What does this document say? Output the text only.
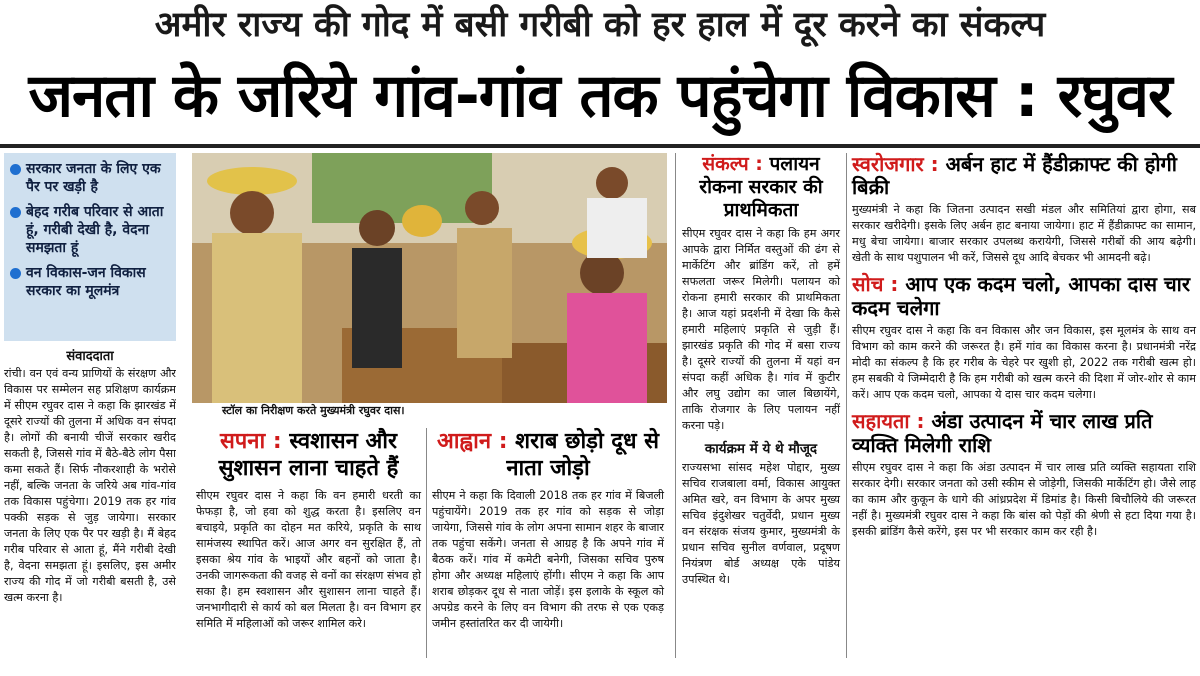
अमीर राज्य की गोद में बसी गरीबी को हर हाल में दूर करने का संकल्प
जनता के जरिये गांव-गांव तक पहुंचेगा विकास : रघुवर
सरकार जनता के लिए एक पैर पर खड़ी है
बेहद गरीब परिवार से आता हूं, गरीबी देखी है, वेदना समझता हूं
वन विकास-जन विकास सरकार का मूलमंत्र
रांची। वन एवं वन्य प्राणियों के संरक्षण और विकास पर सम्मेलन सह प्रशिक्षण कार्यक्रम में सीएम रघुवर दास ने कहा कि झारखंड में दूसरे राज्यों की तुलना में अधिक वन संपदा है। लोगों की बनायी चीजें सरकार खरीद सकती है, जिससे गांव में बैठे-बैठे लोग पैसा कमा सकते हैं। सिर्फ नौकरशाही के भरोसे नहीं, बल्कि जनता के जरिये अब गांव-गांव तक विकास पहुंचेगा। 2019 तक हर गांव पक्की सड़क से जुड़ जायेगा। सरकार जनता के लिए एक पैर पर खड़ी है। मैं बेहद गरीब परिवार से आता हूं, मैंने गरीबी देखी है, वेदना समझता हूं। इसलिए, इस अमीर राज्य की गोद में जो गरीबी बसती है, उसे खत्म करना है।
संवाददाता
स्टॉल का निरीक्षण करते मुख्यमंत्री रघुवर दास।
सपना : स्वशासन और सुशासन लाना चाहते हैं
सीएम रघुवर दास ने कहा कि वन हमारी धरती का फेफड़ा है, जो हवा को शुद्ध करता है। इसलिए वन बचाइये, प्रकृति का दोहन मत करिये, प्रकृति के साथ सामंजस्य स्थापित करें। आज अगर वन सुरक्षित हैं, तो इसका श्रेय गांव के भाइयों और बहनों को जाता है। उनकी जागरूकता की वजह से वनों का संरक्षण संभव हो सका है। हम स्वशासन और सुशासन लाना चाहते हैं। जनभागीदारी से कार्य को बल मिलता है। वन विभाग हर समिति में महिलाओं को जरूर शामिल करे।
आह्वान : शराब छोड़ो दूध से नाता जोड़ो
सीएम ने कहा कि दिवाली 2018 तक हर गांव में बिजली पहुंचायेंगे। 2019 तक हर गांव को सड़क से जोड़ा जायेगा, जिससे गांव के लोग अपना सामान शहर के बाजार तक पहुंचा सकेंगे। जनता से आग्रह है कि अपने गांव में बैठक करें। गांव में कमेटी बनेगी, जिसका सचिव पुरुष होगा और अध्यक्ष महिलाएं होंगी। सीएम ने कहा कि आप शराब छोड़कर दूध से नाता जोड़ें। इस इलाके के स्कूल को अपग्रेड करने के लिए वन विभाग की तरफ से एक एकड़ जमीन हस्तांतरित कर दी जायेगी।
संकल्प : पलायन रोकना सरकार की प्राथमिकता
सीएम रघुवर दास ने कहा कि हम अगर आपके द्वारा निर्मित वस्तुओं की ढंग से मार्केटिंग और ब्रांडिंग करें, तो हमें सफलता जरूर मिलेगी। पलायन को रोकना हमारी सरकार की प्राथमिकता है। आज यहां प्रदर्शनी में देखा कि कैसे हमारी महिलाएं प्रकृति से जुड़ी हैं। झारखंड प्रकृति की गोद में बसा राज्य है। दूसरे राज्यों की तुलना में यहां वन संपदा कहीं अधिक है। गांव में कुटीर और लघु उद्योग का जाल बिछायेंगे, ताकि रोजगार के लिए पलायन नहीं करना पड़े।
कार्यक्रम में ये थे मौजूद
राज्यसभा सांसद महेश पोद्दार, मुख्य सचिव राजबाला वर्मा, विकास आयुक्त अमित खरे, वन विभाग के अपर मुख्य सचिव इंदुशेखर चतुर्वेदी, प्रधान मुख्य वन संरक्षक संजय कुमार, मुख्यमंत्री के प्रधान सचिव सुनील वर्णवाल, प्रदूषण नियंत्रण बोर्ड अध्यक्ष एके पांडेय उपस्थित थे।
स्वरोजगार : अर्बन हाट में हैंडीक्राफ्ट की होगी बिक्री
मुख्यमंत्री ने कहा कि जितना उत्पादन सखी मंडल और समितियां द्वारा होगा, सब सरकार खरीदेगी। इसके लिए अर्बन हाट बनाया जायेगा। हाट में हैंडीक्राफ्ट का सामान, मधु बेचा जायेगा। बाजार सरकार उपलब्ध करायेगी, जिससे गरीबों की आय बढ़ेगी। खेती के साथ पशुपालन भी करें, जिससे दूध आदि बेचकर भी आमदनी बढ़े।
सोच : आप एक कदम चलो, आपका दास चार कदम चलेगा
सीएम रघुवर दास ने कहा कि वन विकास और जन विकास, इस मूलमंत्र के साथ वन विभाग को काम करने की जरूरत है। हमें गांव का विकास करना है। प्रधानमंत्री नरेंद्र मोदी का संकल्प है कि हर गरीब के चेहरे पर खुशी हो, 2022 तक गरीबी खत्म हो। हम सबकी ये जिम्मेदारी है कि हम गरीबी को खत्म करने की दिशा में जोर-शोर से काम करें। आप एक कदम चलो, आपका ये दास चार कदम चलेगा।
सहायता : अंडा उत्पादन में चार लाख प्रति व्यक्ति मिलेगी राशि
सीएम रघुवर दास ने कहा कि अंडा उत्पादन में चार लाख प्रति व्यक्ति सहायता राशि सरकार देगी। सरकार जनता को उसी स्कीम से जोड़ेगी, जिसकी मार्केटिंग हो। जैसे लाह का काम और कुकून के धागे की आंध्रप्रदेश में डिमांड है। किसी बिचौलिये की जरूरत नहीं है। मुख्यमंत्री रघुवर दास ने कहा कि बांस को पेड़ों की श्रेणी से हटा दिया गया है। इसकी ब्रांडिंग कैसे करेंगे, इस पर भी सरकार काम कर रही है।
